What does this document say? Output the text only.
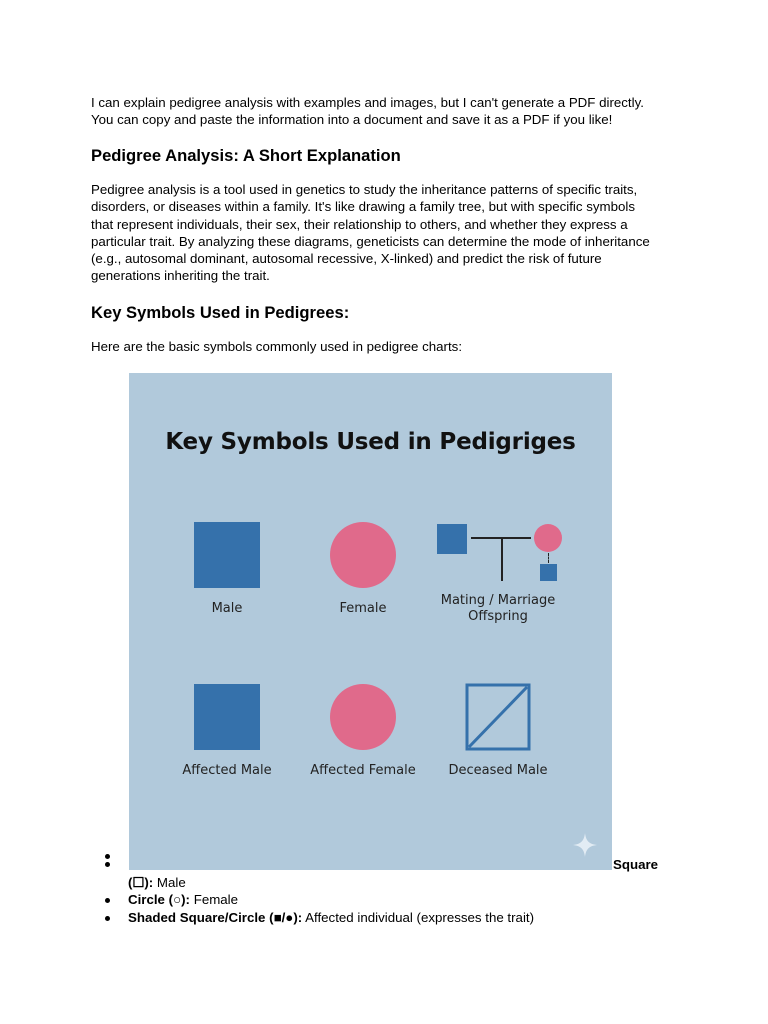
I can explain pedigree analysis with examples and images, but I can't generate a PDF directly.

You can copy and paste the information into a document and save it as a PDF if you like!

Pedigree Analysis: A Short Explanation

Pedigree analysis is a tool used in genetics to study the inheritance patterns of specific traits,

disorders, or diseases within a family. It's like drawing a family tree, but with specific symbols

that represent individuals, their sex, their relationship to others, and whether they express a

particular trait. By analyzing these diagrams, geneticists can determine the mode of inheritance

(e.g., autosomal dominant, autosomal recessive, X-linked) and predict the risk of future

generations inheriting the trait.

Key Symbols Used in Pedigrees:

Here are the basic symbols commonly used in pedigree charts:

Key Symbols Used in Pedigriges
Male	Female
Mating / Marriage
Offspring
Affected Male	Affected Female	Deceased Male
Square
(☐): Male
Circle (○): Female
Shaded Square/Circle (■/●): Affected individual (expresses the trait)
